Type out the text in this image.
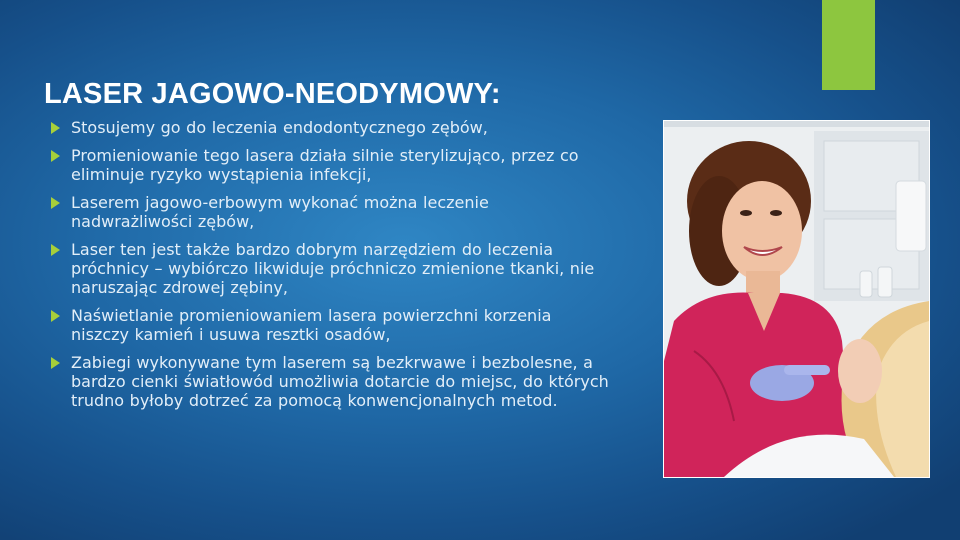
LASER JAGOWO-NEODYMOWY:
Stosujemy go do leczenia endodontycznego zębów,
Promieniowanie tego lasera działa silnie sterylizująco, przez co eliminuje ryzyko wystąpienia infekcji,
Laserem jagowo-erbowym wykonać można leczenie nadwrażliwości zębów,
Laser ten jest także bardzo dobrym narzędziem do leczenia próchnicy – wybiórczo likwiduje próchniczo zmienione tkanki, nie naruszając zdrowej zębiny,
Naświetlanie promieniowaniem lasera powierzchni korzenia niszczy kamień i usuwa resztki osadów,
Zabiegi wykonywane tym laserem są bezkrwawe i bezbolesne, a bardzo cienki światłowód umożliwia dotarcie do miejsc, do których trudno byłoby dotrzeć za pomocą konwencjonalnych metod.
